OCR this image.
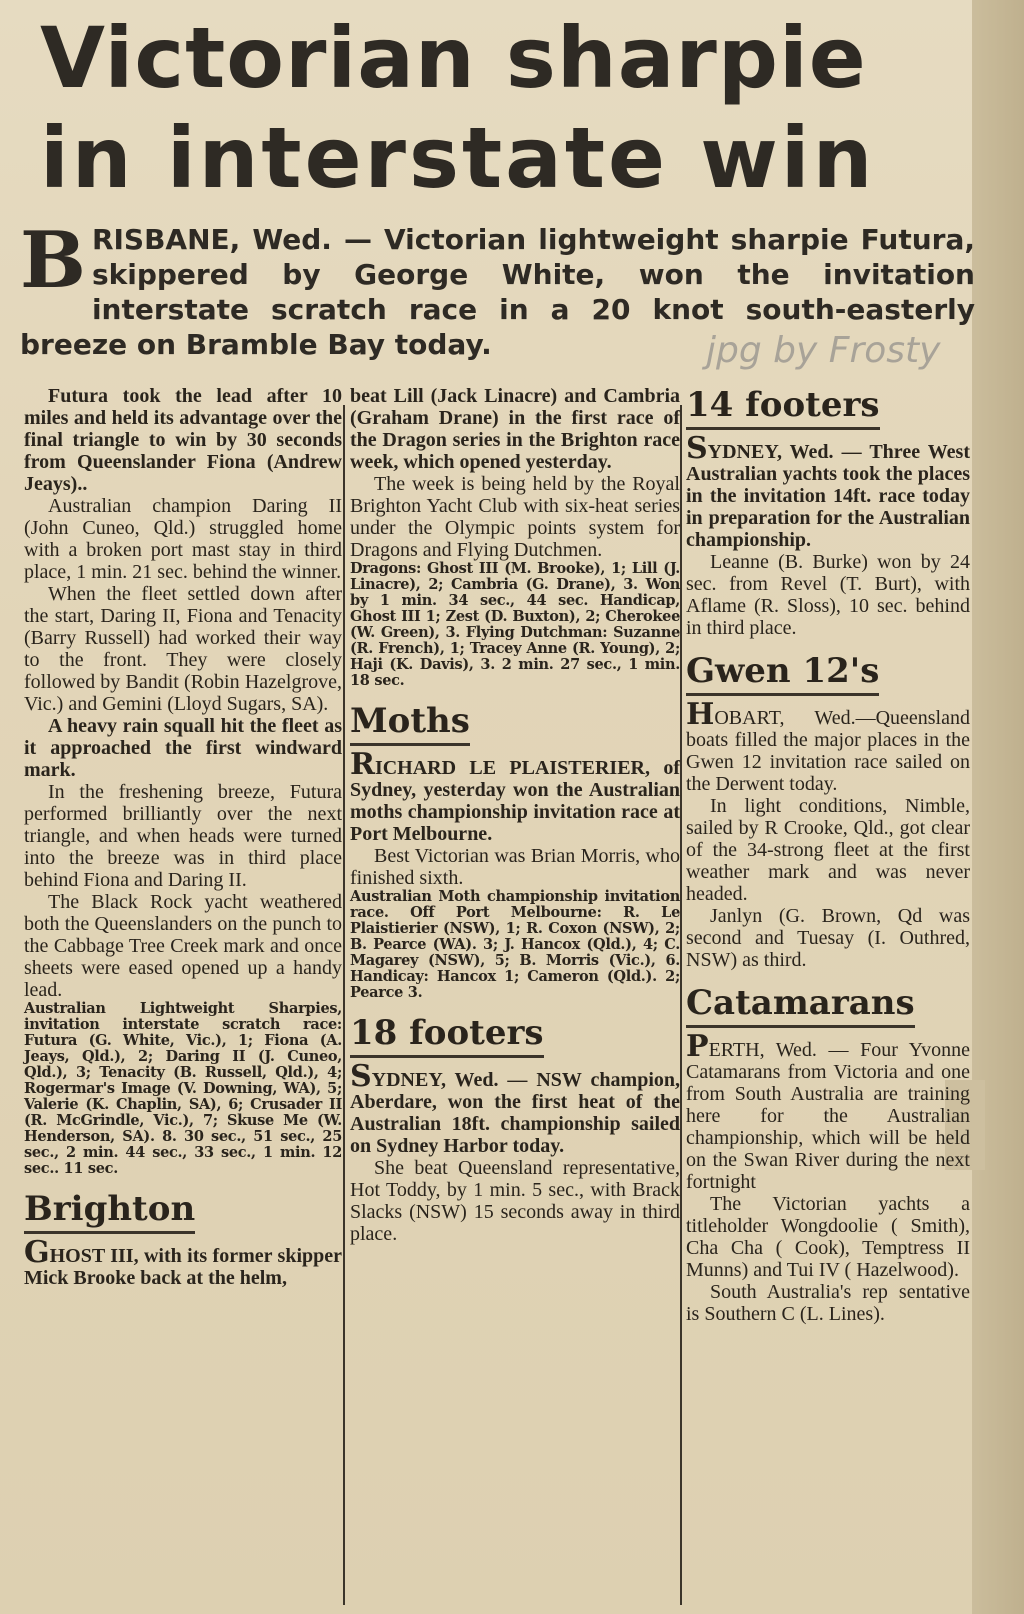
Victorian sharpie
in interstate win

BRISBANE, Wed. — Victorian lightweight sharpie Futura, skippered by George White, won the invitation interstate scratch race in a 20 knot south-easterly breeze on Bramble Bay today.	jpg by Frosty

Futura took the lead after 10 miles and held its advantage over the final triangle to win by 30 seconds from Queenslander Fiona (Andrew Jeays)..

Australian champion Daring II (John Cuneo, Qld.) struggled home with a broken port mast stay in third place, 1 min. 21 sec. behind the winner.

When the fleet settled down after the start, Daring II, Fiona and Tenacity (Barry Russell) had worked their way to the front. They were closely followed by Bandit (Robin Hazelgrove, Vic.) and Gemini (Lloyd Sugars, SA).

A heavy rain squall hit the fleet as it approached the first windward mark.

In the freshening breeze, Futura performed brilliantly over the next triangle, and when heads were turned into the breeze was in third place behind Fiona and Daring II.

The Black Rock yacht weathered both the Queenslanders on the punch to the Cabbage Tree Creek mark and once sheets were eased opened up a handy lead.

Australian Lightweight Sharpies, invitation interstate scratch race: Futura (G. White, Vic.), 1; Fiona (A. Jeays, Qld.), 2; Daring II (J. Cuneo, Qld.), 3; Tenacity (B. Russell, Qld.), 4; Rogermar's Image (V. Downing, WA), 5; Valerie (K. Chaplin, SA), 6; Crusader II (R. McGrindle, Vic.), 7; Skuse Me (W. Henderson, SA). 8. 30 sec., 51 sec., 25 sec., 2 min. 44 sec., 33 sec., 1 min. 12 sec.. 11 sec.

Brighton

GHOST III, with its former skipper Mick Brooke back at the helm,

beat Lill (Jack Linacre) and Cambria (Graham Drane) in the first race of the Dragon series in the Brighton race week, which opened yesterday.

The week is being held by the Royal Brighton Yacht Club with six-heat series under the Olympic points system for Dragons and Flying Dutchmen.

Dragons: Ghost III (M. Brooke), 1; Lill (J. Linacre), 2; Cambria (G. Drane), 3. Won by 1 min. 34 sec., 44 sec. Handicap, Ghost III 1; Zest (D. Buxton), 2; Cherokee (W. Green), 3. Flying Dutchman: Suzanne (R. French), 1; Tracey Anne (R. Young), 2; Haji (K. Davis), 3. 2 min. 27 sec., 1 min. 18 sec.

Moths

RICHARD LE PLAISTERIER, of Sydney, yesterday won the Australian moths championship invitation race at Port Melbourne.

Best Victorian was Brian Morris, who finished sixth.

Australian Moth championship invitation race. Off Port Melbourne: R. Le Plaistierier (NSW), 1; R. Coxon (NSW), 2; B. Pearce (WA). 3; J. Hancox (Qld.), 4; C. Magarey (NSW), 5; B. Morris (Vic.), 6. Handicay: Hancox 1; Cameron (Qld.). 2; Pearce 3.

18 footers

SYDNEY, Wed. — NSW champion, Aberdare, won the first heat of the Australian 18ft. championship sailed on Sydney Harbor today.

She beat Queensland representative, Hot Toddy, by 1 min. 5 sec., with Brack Slacks (NSW) 15 seconds away in third place.

14 footers

SYDNEY, Wed. — Three West Australian yachts took the places in the invitation 14ft. race today in preparation for the Australian championship.

Leanne (B. Burke) won by 24 sec. from Revel (T. Burt), with Aflame (R. Sloss), 10 sec. behind in third place.

Gwen 12's

HOBART, Wed.—Queensland boats filled the major places in the Gwen 12 invitation race sailed on the Derwent today.

In light conditions, Nimble, sailed by R Crooke, Qld., got clear of the 34-strong fleet at the first weather mark and was never headed.

Janlyn (G. Brown, Qd was second and Tuesay (I. Outhred, NSW) as third.

Catamarans

PERTH, Wed. — Four Yvonne Catamarans from Victoria and one from South Australia are training here for the Australian championship, which will be held on the Swan River during the next fortnight

The Victorian yachts a titleholder Wongdoolie ( Smith), Cha Cha ( Cook), Temptress II Munns) and Tui IV ( Hazelwood).

South Australia's rep sentative is Southern C (L. Lines).
